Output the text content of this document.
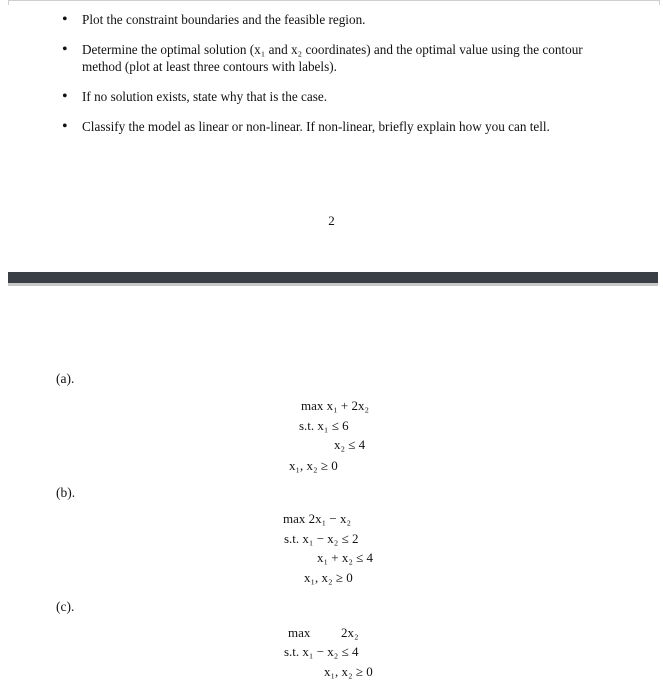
• Plot the constraint boundaries and the feasible region.
• Determine the optimal solution (x₁ and x₂ coordinates) and the optimal value using the contour method (plot at least three contours with labels).
• If no solution exists, state why that is the case.
• Classify the model as linear or non-linear. If non-linear, briefly explain how you can tell.
2
(a).
max x₁ + 2x₂
s.t. x₁ ≤ 6
x₂ ≤ 4
x₁, x₂ ≥ 0
(b).
max 2x₁ − x₂
s.t. x₁ − x₂ ≤ 2
x₁ + x₂ ≤ 4
x₁, x₂ ≥ 0
(c).
max 2x₂
s.t. x₁ − x₂ ≤ 4
x₁, x₂ ≥ 0
